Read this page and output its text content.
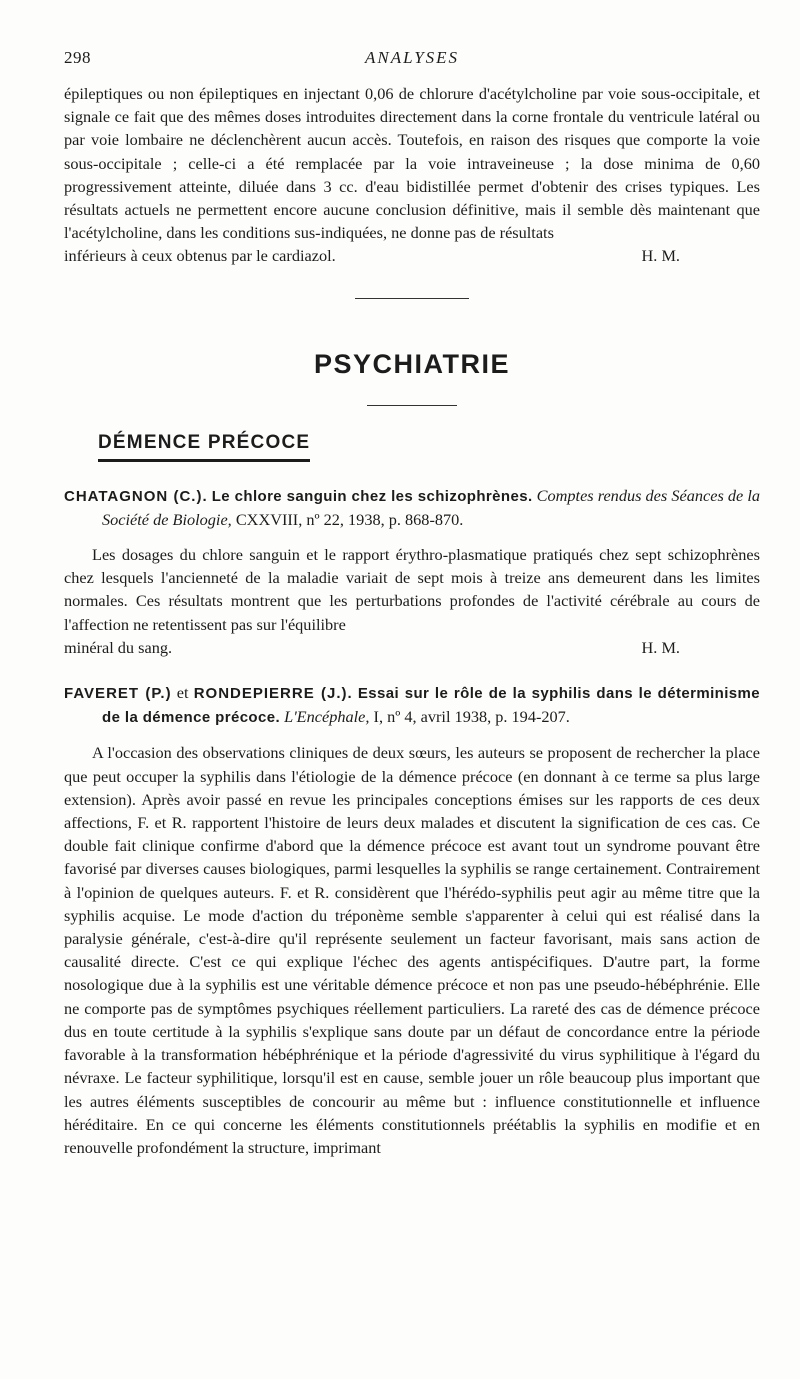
298	ANALYSES

épileptiques ou non épileptiques en injectant 0,06 de chlorure d'acétylcholine par voie sous-occipitale, et signale ce fait que des mêmes doses introduites directement dans la corne frontale du ventricule latéral ou par voie lombaire ne déclenchèrent aucun accès. Toutefois, en raison des risques que comporte la voie sous-occipitale ; celle-ci a été remplacée par la voie intraveineuse ; la dose minima de 0,60 progressivement atteinte, diluée dans 3 cc. d'eau bidistillée permet d'obtenir des crises typiques. Les résultats actuels ne permettent encore aucune conclusion définitive, mais il semble dès maintenant que l'acétylcholine, dans les conditions sus-indiquées, ne donne pas de résultats

inférieurs à ceux obtenus par le cardiazol.	H. M.

PSYCHIATRIE
DÉMENCE PRÉCOCE

CHATAGNON (C.). Le chlore sanguin chez les schizophrènes. Comptes rendus des Séances de la Société de Biologie, CXXVIII, nº 22, 1938, p. 868-870.

Les dosages du chlore sanguin et le rapport érythro-plasmatique pratiqués chez sept schizophrènes chez lesquels l'ancienneté de la maladie variait de sept mois à treize ans demeurent dans les limites normales. Ces résultats montrent que les perturbations profondes de l'activité cérébrale au cours de l'affection ne retentissent pas sur l'équilibre

minéral du sang.	H. M.

FAVERET (P.) et RONDEPIERRE (J.). Essai sur le rôle de la syphilis dans le déterminisme de la démence précoce. L'Encéphale, I, nº 4, avril 1938, p. 194-207.

A l'occasion des observations cliniques de deux sœurs, les auteurs se proposent de rechercher la place que peut occuper la syphilis dans l'étiologie de la démence précoce (en donnant à ce terme sa plus large extension). Après avoir passé en revue les principales conceptions émises sur les rapports de ces deux affections, F. et R. rapportent l'histoire de leurs deux malades et discutent la signification de ces cas. Ce double fait clinique confirme d'abord que la démence précoce est avant tout un syndrome pouvant être favorisé par diverses causes biologiques, parmi lesquelles la syphilis se range certainement. Contrairement à l'opinion de quelques auteurs. F. et R. considèrent que l'hérédo-syphilis peut agir au même titre que la syphilis acquise. Le mode d'action du tréponème semble s'apparenter à celui qui est réalisé dans la paralysie générale, c'est-à-dire qu'il représente seulement un facteur favorisant, mais sans action de causalité directe. C'est ce qui explique l'échec des agents antispécifiques. D'autre part, la forme nosologique due à la syphilis est une véritable démence précoce et non pas une pseudo-hébéphrénie. Elle ne comporte pas de symptômes psychiques réellement particuliers. La rareté des cas de démence précoce dus en toute certitude à la syphilis s'explique sans doute par un défaut de concordance entre la période favorable à la transformation hébéphrénique et la période d'agressivité du virus syphilitique à l'égard du névraxe. Le facteur syphilitique, lorsqu'il est en cause, semble jouer un rôle beaucoup plus important que les autres éléments susceptibles de concourir au même but : influence constitutionnelle et influence héréditaire. En ce qui concerne les éléments constitutionnels préétablis la syphilis en modifie et en renouvelle profondément la structure, imprimant
